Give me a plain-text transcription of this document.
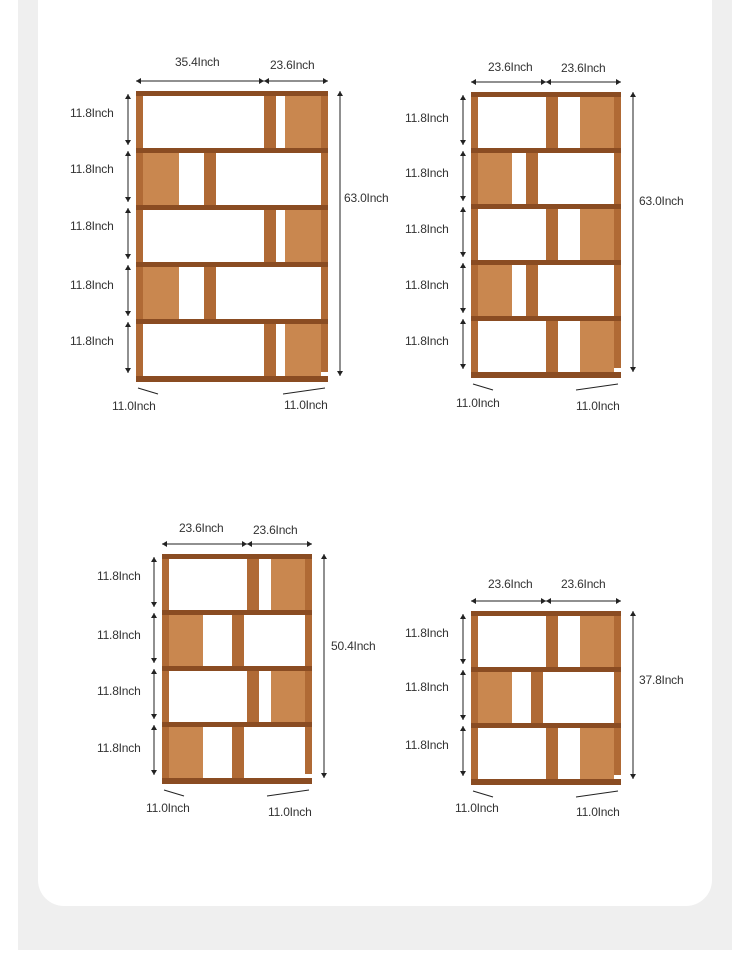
35.4Inch	23.6Inch
63.0Inch
11.8Inch
11.8Inch
11.8Inch
11.8Inch
11.8Inch
11.0Inch	11.0Inch
23.6Inch 23.6Inch
63.0Inch
11.8Inch
11.8Inch
11.8Inch
11.8Inch
11.8Inch
11.0Inch	11.0Inch
23.6Inch 23.6Inch
50.4Inch
11.8Inch
11.8Inch
11.8Inch
11.8Inch
11.0Inch	11.0Inch
23.6Inch 23.6Inch
37.8Inch
11.8Inch
11.8Inch
11.8Inch
11.0Inch	11.0Inch
